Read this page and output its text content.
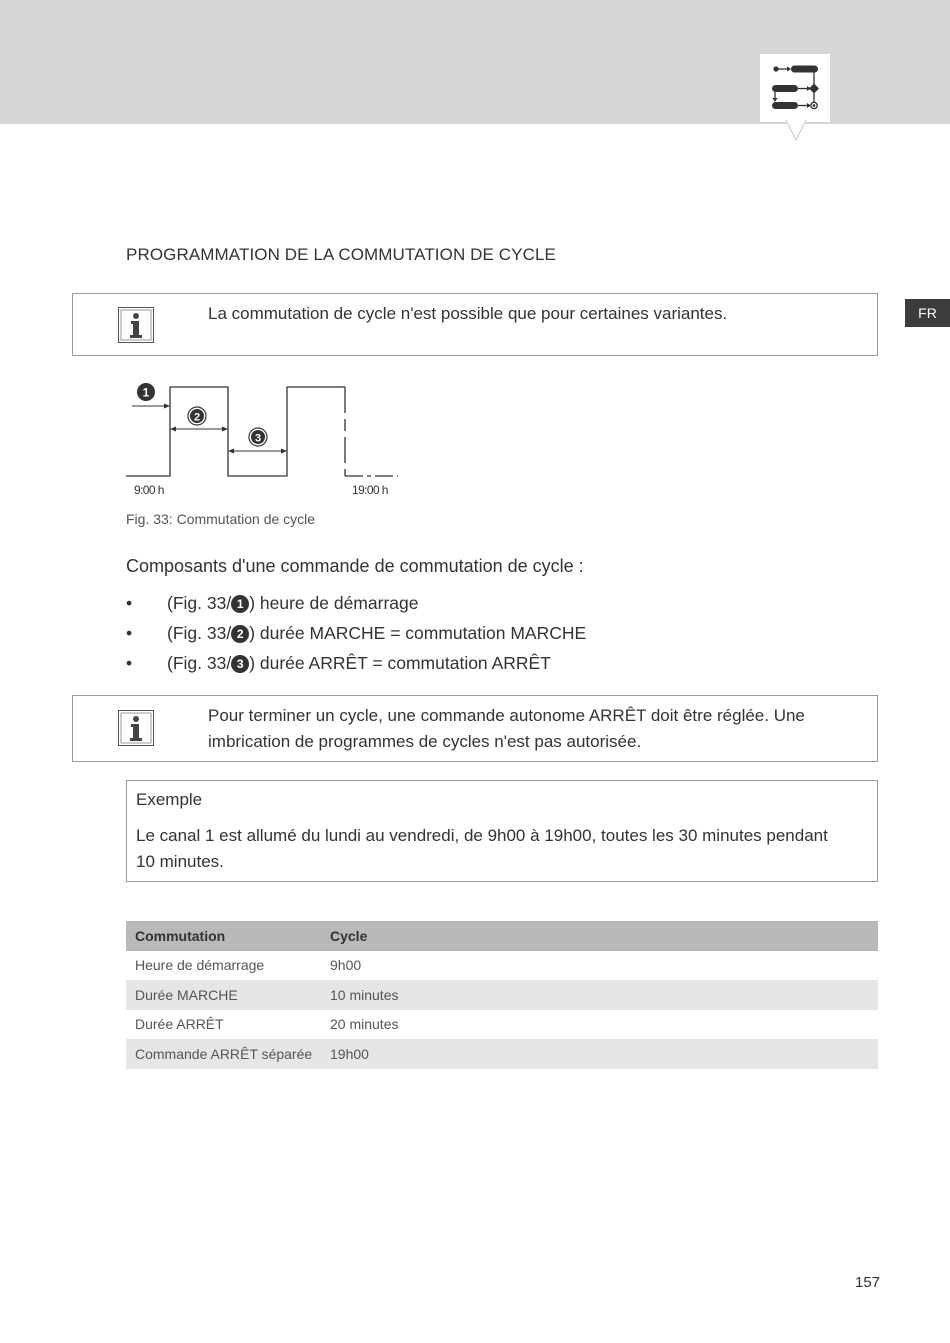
FR
PROGRAMMATION DE LA COMMUTATION DE CYCLE
La commutation de cycle n'est possible que pour certaines variantes.
1
2
3
9:00 h	19:00 h
Fig. 33: Commutation de cycle
Composants d'une commande de commutation de cycle :
• (Fig. 33/ 1 ) heure de démarrage
• (Fig. 33/ 2 ) durée MARCHE = commutation MARCHE
• (Fig. 33/ 3 ) durée ARRÊT = commutation ARRÊT
Pour terminer un cycle, une commande autonome ARRÊT doit être réglée. Une imbrication de programmes de cycles n'est pas autorisée.
Exemple
Le canal 1 est allumé du lundi au vendredi, de 9h00 à 19h00, toutes les 30 minutes pendant 10 minutes.
Commutation	Cycle
Heure de démarrage	9h00
Durée MARCHE	10 minutes
Durée ARRÊT	20 minutes
Commande ARRÊT séparée	19h00
157
